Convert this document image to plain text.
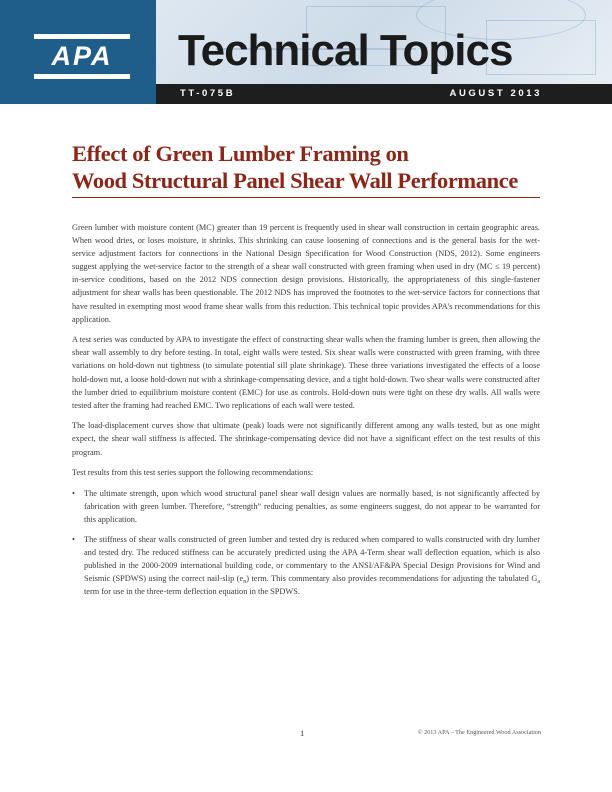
APA	Technical Topics
TT-075B	AUGUST 2013
Effect of Green Lumber Framing on
Wood Structural Panel Shear Wall Performance

Green lumber with moisture content (MC) greater than 19 percent is frequently used in shear wall construction in certain geographic areas. When wood dries, or loses moisture, it shrinks. This shrinking can cause loosening of connections and is the general basis for the wet-service adjustment factors for connections in the National Design Specification for Wood Construction (NDS, 2012). Some engineers suggest applying the wet-service factor to the strength of a shear wall constructed with green framing when used in dry (MC ≤ 19 percent) in-service conditions, based on the 2012 NDS connection design provisions. Historically, the appropriateness of this single-fastener adjustment for shear walls has been questionable. The 2012 NDS has improved the footnotes to the wet-service factors for connections that have resulted in exempting most wood frame shear walls from this reduction. This technical topic provides APA's recommendations for this application.

A test series was conducted by APA to investigate the effect of constructing shear walls when the framing lumber is green, then allowing the shear wall assembly to dry before testing. In total, eight walls were tested. Six shear walls were constructed with green framing, with three variations on hold-down nut tightness (to simulate potential sill plate shrinkage). These three variations investigated the effects of a loose hold-down nut, a loose hold-down nut with a shrinkage-compensating device, and a tight hold-down. Two shear walls were constructed after the lumber dried to equilibrium moisture content (EMC) for use as controls. Hold-down nuts were tight on these dry walls. All walls were tested after the framing had reached EMC. Two replications of each wall were tested.

The load-displacement curves show that ultimate (peak) loads were not significantly different among any walls tested, but as one might expect, the shear wall stiffness is affected. The shrinkage-compensating device did not have a significant effect on the test results of this program.

Test results from this test series support the following recommendations:

• The ultimate strength, upon which wood structural panel shear wall design values are normally based, is not significantly affected by fabrication with green lumber. Therefore, “strength” reducing penalties, as some engineers suggest, do not appear to be warranted for this application.
• The stiffness of shear walls constructed of green lumber and tested dry is reduced when compared to walls constructed with dry lumber and tested dry. The reduced stiffness can be accurately predicted using the APA 4-Term shear wall deflection equation, which is also published in the 2000-2009 international building code, or commentary to the ANSI/AF&PA Special Design Provisions for Wind and Seismic (SPDWS) using the correct nail-slip $(e_n)$ term. This commentary also provides recommendations for adjusting the tabulated $G_a$ term for use in the three-term deflection equation in the SPDWS.
1	© 2013 APA – The Engineered Wood Association
